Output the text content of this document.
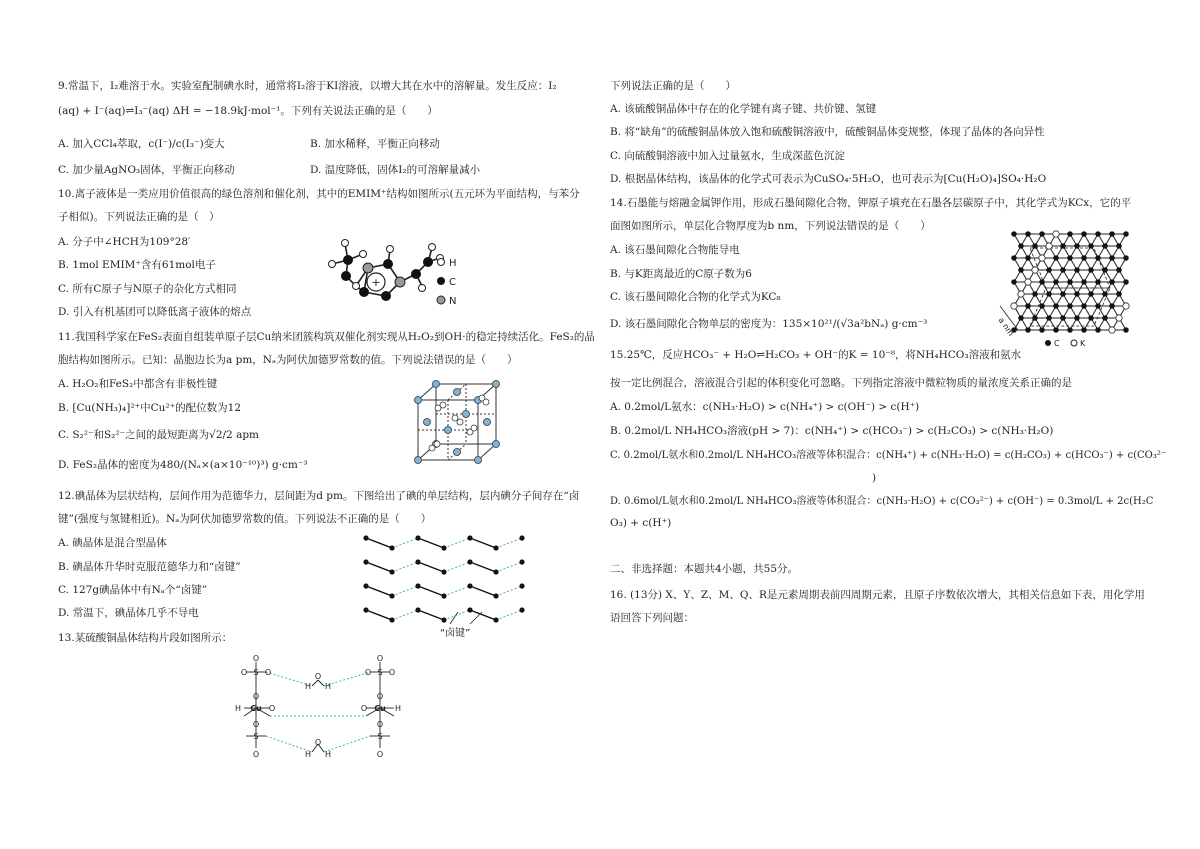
9.常温下，I₂难溶于水。实验室配制碘水时，通常将I₂溶于KI溶液，以增大其在水中的溶解量。发生反应：I₂
(aq) + I⁻(aq)⇌I₃⁻(aq) ΔH = −18.9kJ·mol⁻¹。下列有关说法正确的是（　　）
A. 加入CCl₄萃取，c(I⁻)/c(I₃⁻)变大	B. 加水稀释，平衡正向移动
C. 加少量AgNO₃固体，平衡正向移动	D. 温度降低，固体I₂的可溶解量减小
10.离子液体是一类应用价值很高的绿色溶剂和催化剂，其中的EMIM⁺结构如图所示(五元环为平面结构，与苯分
子相似)。下列说法正确的是（　）
A. 分子中∠HCH为109°28′
B. 1mol EMIM⁺含有61mol电子
C. 所有C原子与N原子的杂化方式相同
D. 引入有机基团可以降低离子液体的熔点
11.我国科学家在FeS₂表面自组装单原子层Cu纳米团簇构筑双催化剂实现从H₂O₂到OH·的稳定持续活化。FeS₂的晶
胞结构如图所示。已知：晶胞边长为a pm，Nₐ为阿伏加德罗常数的值。下列说法错误的是（　　）
A. H₂O₂和FeS₂中都含有非极性键
B. [Cu(NH₃)₄]²⁺中Cu²⁺的配位数为12
C. S₂²⁻和S₂²⁻之间的最短距离为√2/2 apm
D. FeS₂晶体的密度为480/(Nₐ×(a×10⁻¹⁰)³) g·cm⁻³
12.碘晶体为层状结构，层间作用为范德华力，层间距为d pm。下图给出了碘的单层结构，层内碘分子间存在“卤
键”(强度与氢键相近)。Nₐ为阿伏加德罗常数的值。下列说法不正确的是（　　）
A. 碘晶体是混合型晶体
B. 碘晶体升华时克服范德华力和“卤键”
C. 127g碘晶体中有Nₐ个“卤键”
D. 常温下，碘晶体几乎不导电
13.某硫酸铜晶体结构片段如图所示：
+
H
C
N
“卤键”
O
S
O O
O
Cu
H	O
O
S
O
O
H H
O
H H
O
S
O O
O
Cu
O	H
O
S
O
下列说法正确的是（　　）
A. 该硫酸铜晶体中存在的化学键有离子键、共价键、氢键
B. 将“缺角”的硫酸铜晶体放入饱和硫酸铜溶液中，硫酸铜晶体变规整，体现了晶体的各向异性
C. 向硫酸铜溶液中加入过量氨水，生成深蓝色沉淀
D. 根据晶体结构，该晶体的化学式可表示为CuSO₄·5H₂O，也可表示为[Cu(H₂O)₄]SO₄·H₂O
14.石墨能与熔融金属钾作用，形成石墨间隙化合物，钾原子填充在石墨各层碳原子中，其化学式为KCx，它的平
面图如图所示，单层化合物厚度为b nm，下列说法错误的是（　　）
A. 该石墨间隙化合物能导电
B. 与K距离最近的C原子数为6
C. 该石墨间隙化合物的化学式为KC₈
D. 该石墨间隙化合物单层的密度为：135×10²¹/(√3a²bNₐ) g·cm⁻³
15.25℃，反应HCO₃⁻ + H₂O⇌H₂CO₃ + OH⁻的K = 10⁻⁸，将NH₄HCO₃溶液和氨水
按一定比例混合，溶液混合引起的体积变化可忽略。下列指定溶液中微粒物质的量浓度关系正确的是
A. 0.2mol/L氨水：c(NH₃·H₂O) > c(NH₄⁺) > c(OH⁻) > c(H⁺)
B. 0.2mol/L NH₄HCO₃溶液(pH > 7)：c(NH₄⁺) > c(HCO₃⁻) > c(H₂CO₃) > c(NH₃·H₂O)
C. 0.2mol/L氨水和0.2mol/L NH₄HCO₃溶液等体积混合：c(NH₄⁺) + c(NH₃·H₂O) = c(H₂CO₃) + c(HCO₃⁻) + c(CO₃²⁻
)
D. 0.6mol/L氨水和0.2mol/L NH₄HCO₃溶液等体积混合：c(NH₃·H₂O) + c(CO₃²⁻) + c(OH⁻) = 0.3mol/L + 2c(H₂C
O₃) + c(H⁺)
二、非选择题：本题共4小题，共55分。
16. (13分) X、Y、Z、M、Q、R是元素周期表前四周期元素，且原子序数依次增大，其相关信息如下表，用化学用
语回答下列问题：
a nm
C	K
